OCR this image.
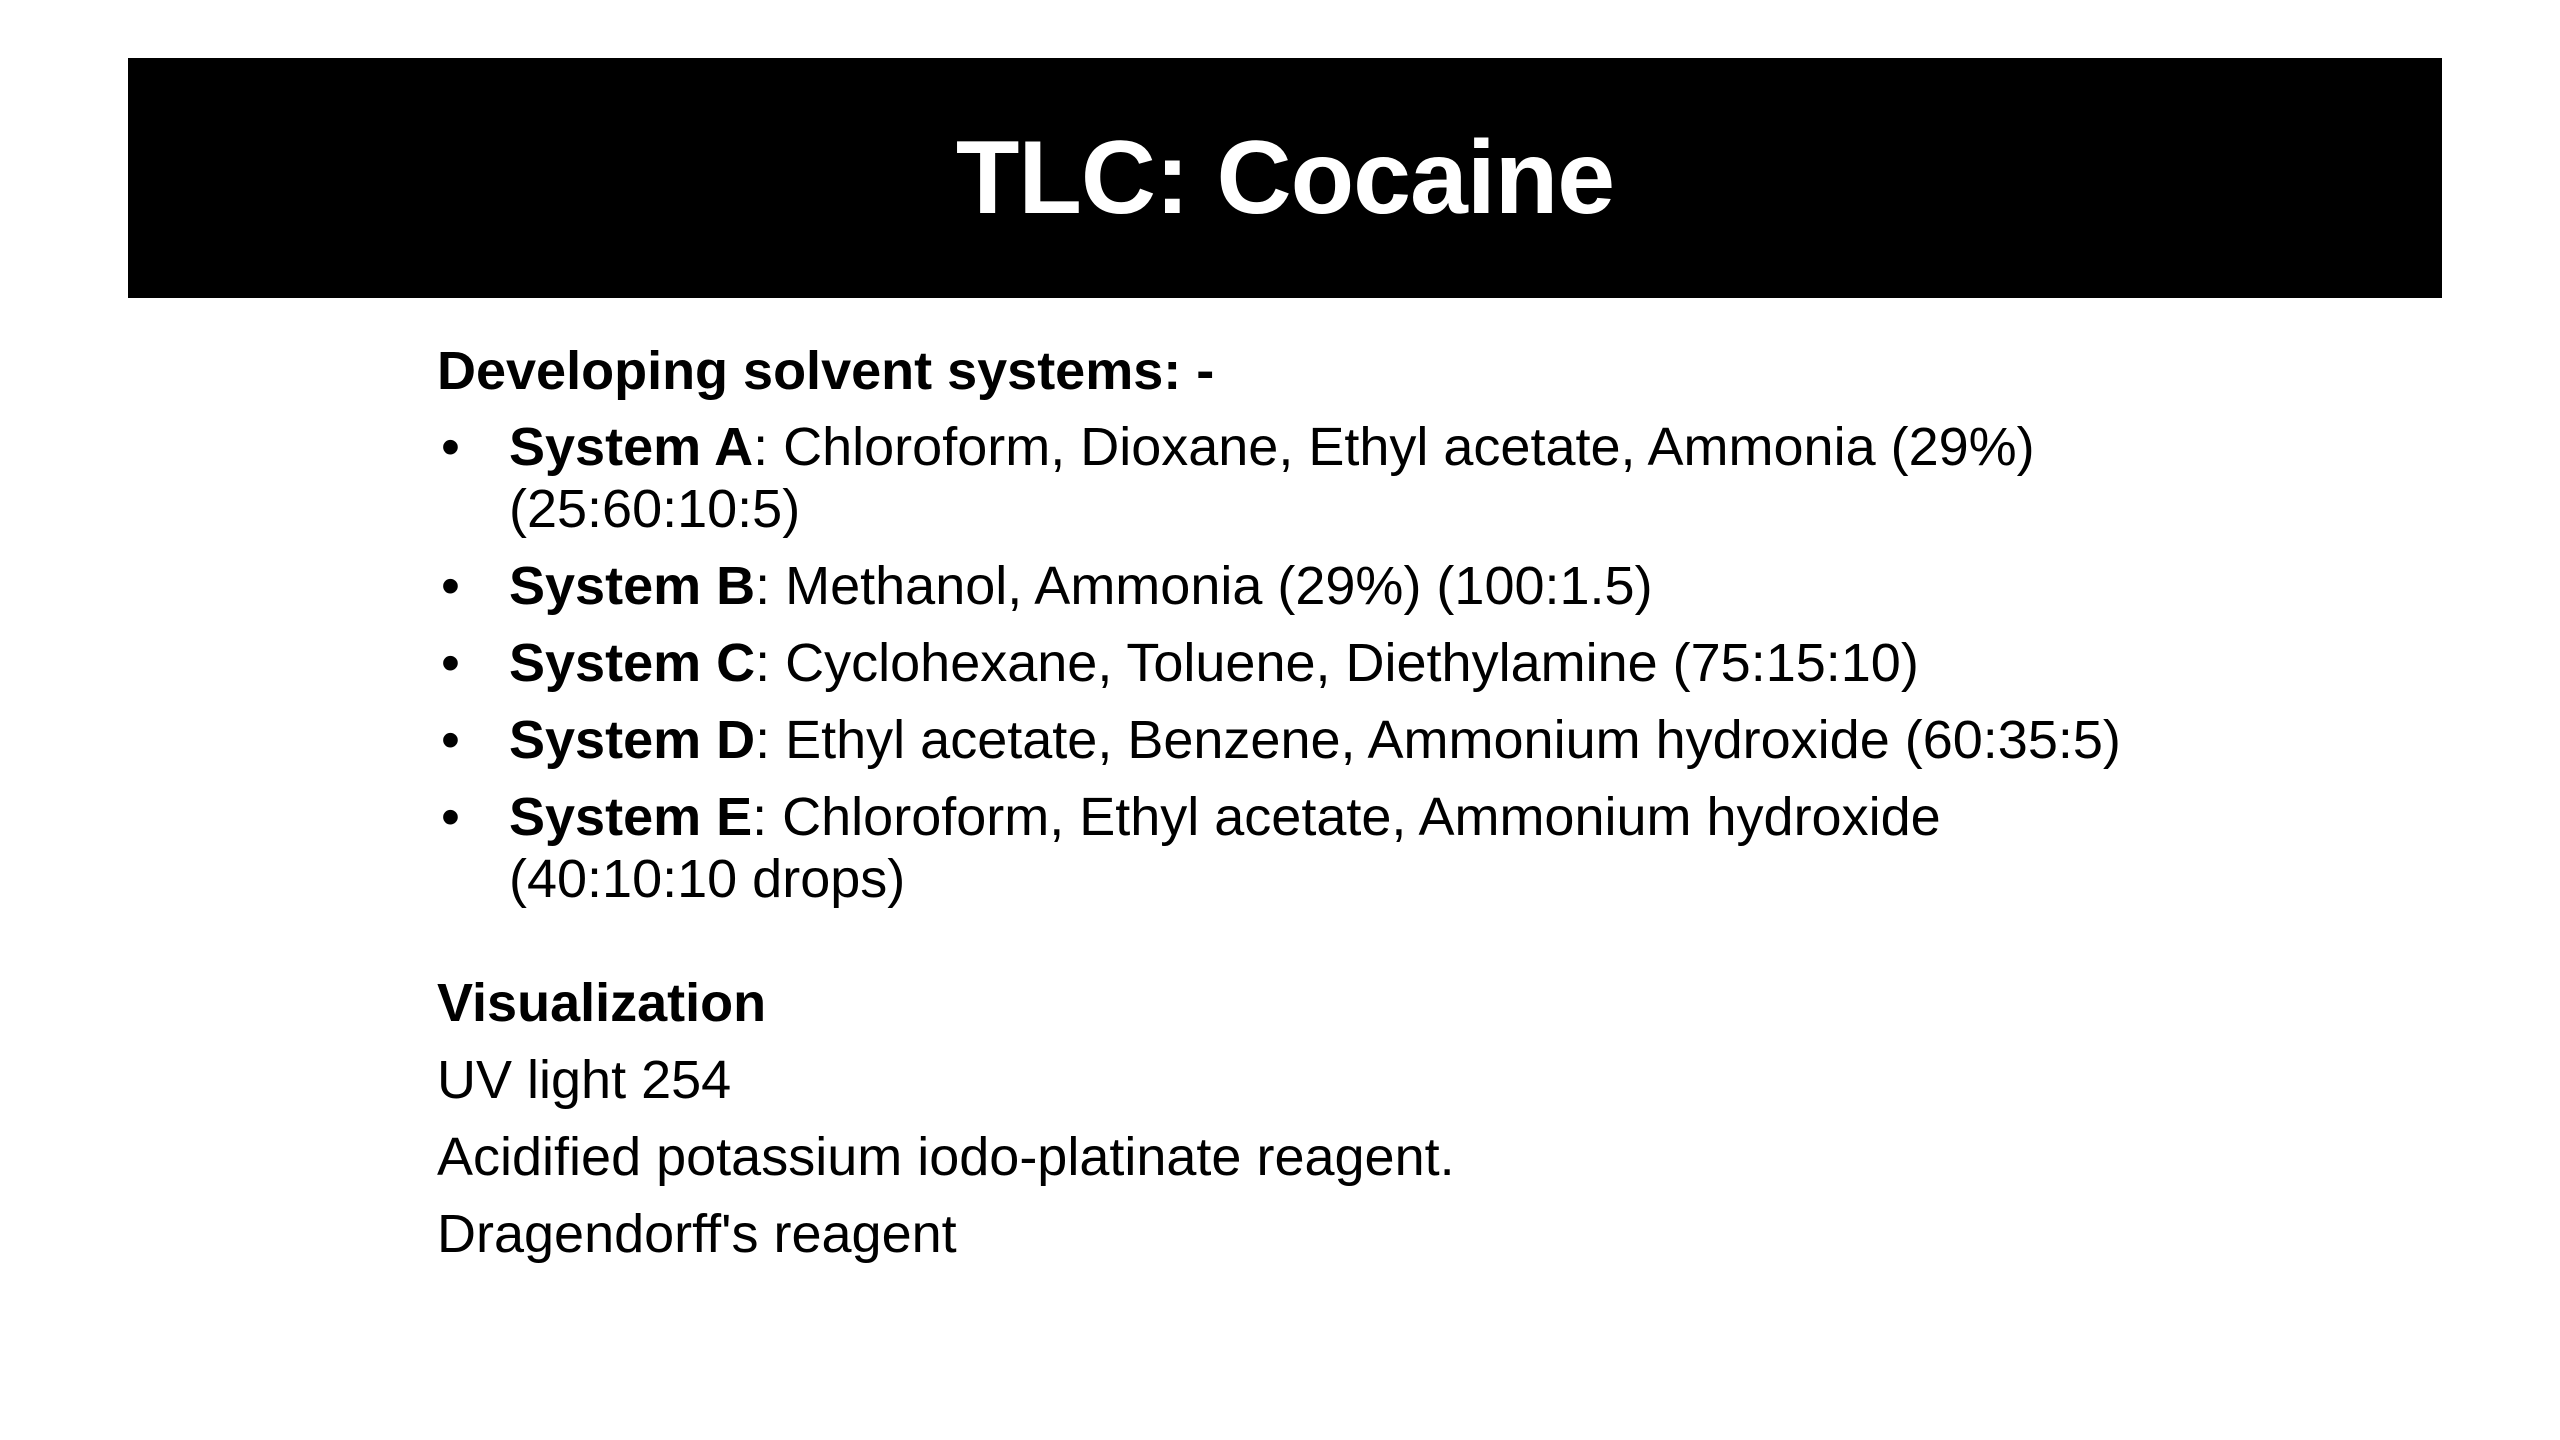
TLC: Cocaine

Developing solvent systems: -

• System A: Chloroform, Dioxane, Ethyl acetate, Ammonia (29%) (25:60:10:5)
• System B: Methanol, Ammonia (29%) (100:1.5)
• System C: Cyclohexane, Toluene, Diethylamine (75:15:10)
• System D: Ethyl acetate, Benzene, Ammonium hydroxide (60:35:5)
• System E: Chloroform, Ethyl acetate, Ammonium hydroxide (40:10:10 drops)

Visualization

UV light 254
Acidified potassium iodo-platinate reagent.
Dragendorff's reagent
